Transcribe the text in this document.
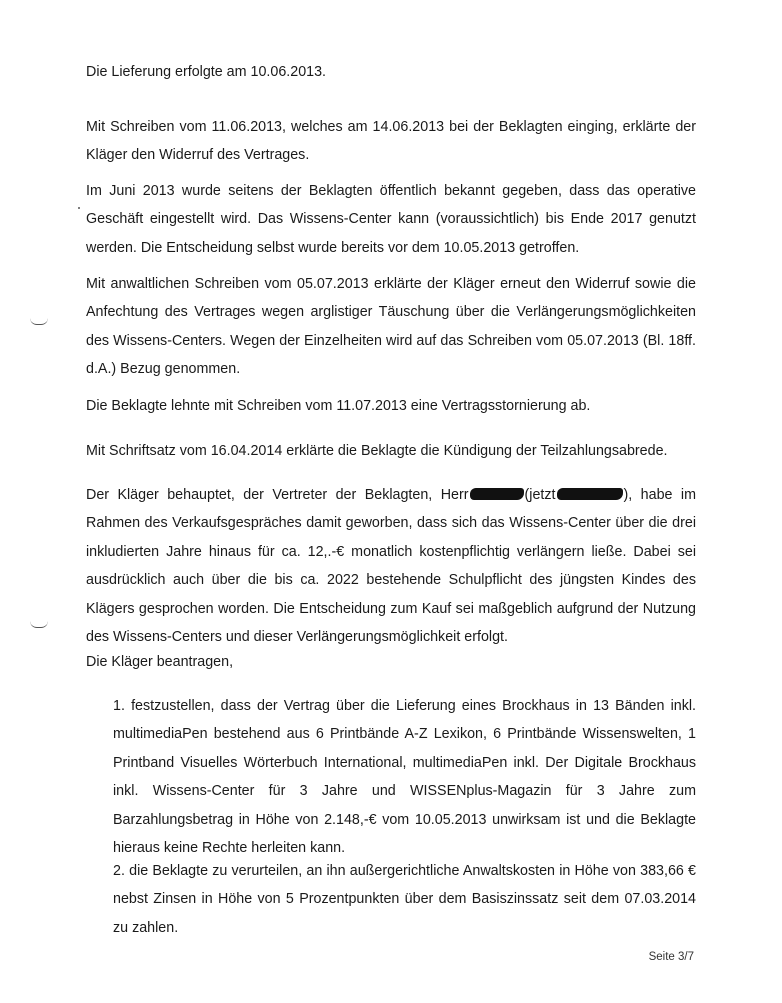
Die Lieferung erfolgte am 10.06.2013.

Mit Schreiben vom 11.06.2013, welches am 14.06.2013 bei der Beklagten einging, erklärte der Kläger den Widerruf des Vertrages.

Im Juni 2013 wurde seitens der Beklagten öffentlich bekannt gegeben, dass das operative Geschäft eingestellt wird. Das Wissens-Center kann (voraussichtlich) bis Ende 2017 genutzt werden. Die Entscheidung selbst wurde bereits vor dem 10.05.2013 getroffen.

Mit anwaltlichen Schreiben vom 05.07.2013 erklärte der Kläger erneut den Widerruf sowie die Anfechtung des Vertrages wegen arglistiger Täuschung über die Verlängerungsmöglichkeiten des Wissens-Centers. Wegen der Einzelheiten wird auf das Schreiben vom 05.07.2013 (Bl. 18ff. d.A.) Bezug genommen.

Die Beklagte lehnte mit Schreiben vom 11.07.2013 eine Vertragsstornierung ab.

Mit Schriftsatz vom 16.04.2014 erklärte die Beklagte die Kündigung der Teilzahlungsabrede.

Der Kläger behauptet, der Vertreter der Beklagten, Herr	(jetzt	), habe im Rahmen des Verkaufsgespräches damit geworben, dass sich das Wissens-Center über die drei inkludierten Jahre hinaus für ca. 12,.-€ monatlich kostenpflichtig verlängern ließe. Dabei sei ausdrücklich auch über die bis ca. 2022 bestehende Schulpflicht des jüngsten Kindes des Klägers gesprochen worden. Die Entscheidung zum Kauf sei maßgeblich aufgrund der Nutzung des Wissens-Centers und dieser Verlängerungsmöglichkeit erfolgt.

Die Kläger beantragen,

1. festzustellen, dass der Vertrag über die Lieferung eines Brockhaus in 13 Bänden inkl. multimediaPen bestehend aus 6 Printbände A-Z Lexikon, 6 Printbände Wissenswelten, 1 Printband Visuelles Wörterbuch International, multimediaPen inkl. Der Digitale Brockhaus inkl. Wissens-Center für 3 Jahre und WISSENplus-Magazin für 3 Jahre zum Barzahlungsbetrag in Höhe von 2.148,-€ vom 10.05.2013 unwirksam ist und die Beklagte hieraus keine Rechte herleiten kann.

2. die Beklagte zu verurteilen, an ihn außergerichtliche Anwaltskosten in Höhe von 383,66 € nebst Zinsen in Höhe von 5 Prozentpunkten über dem Basiszinssatz seit dem 07.03.2014 zu zahlen.

Seite 3/7
